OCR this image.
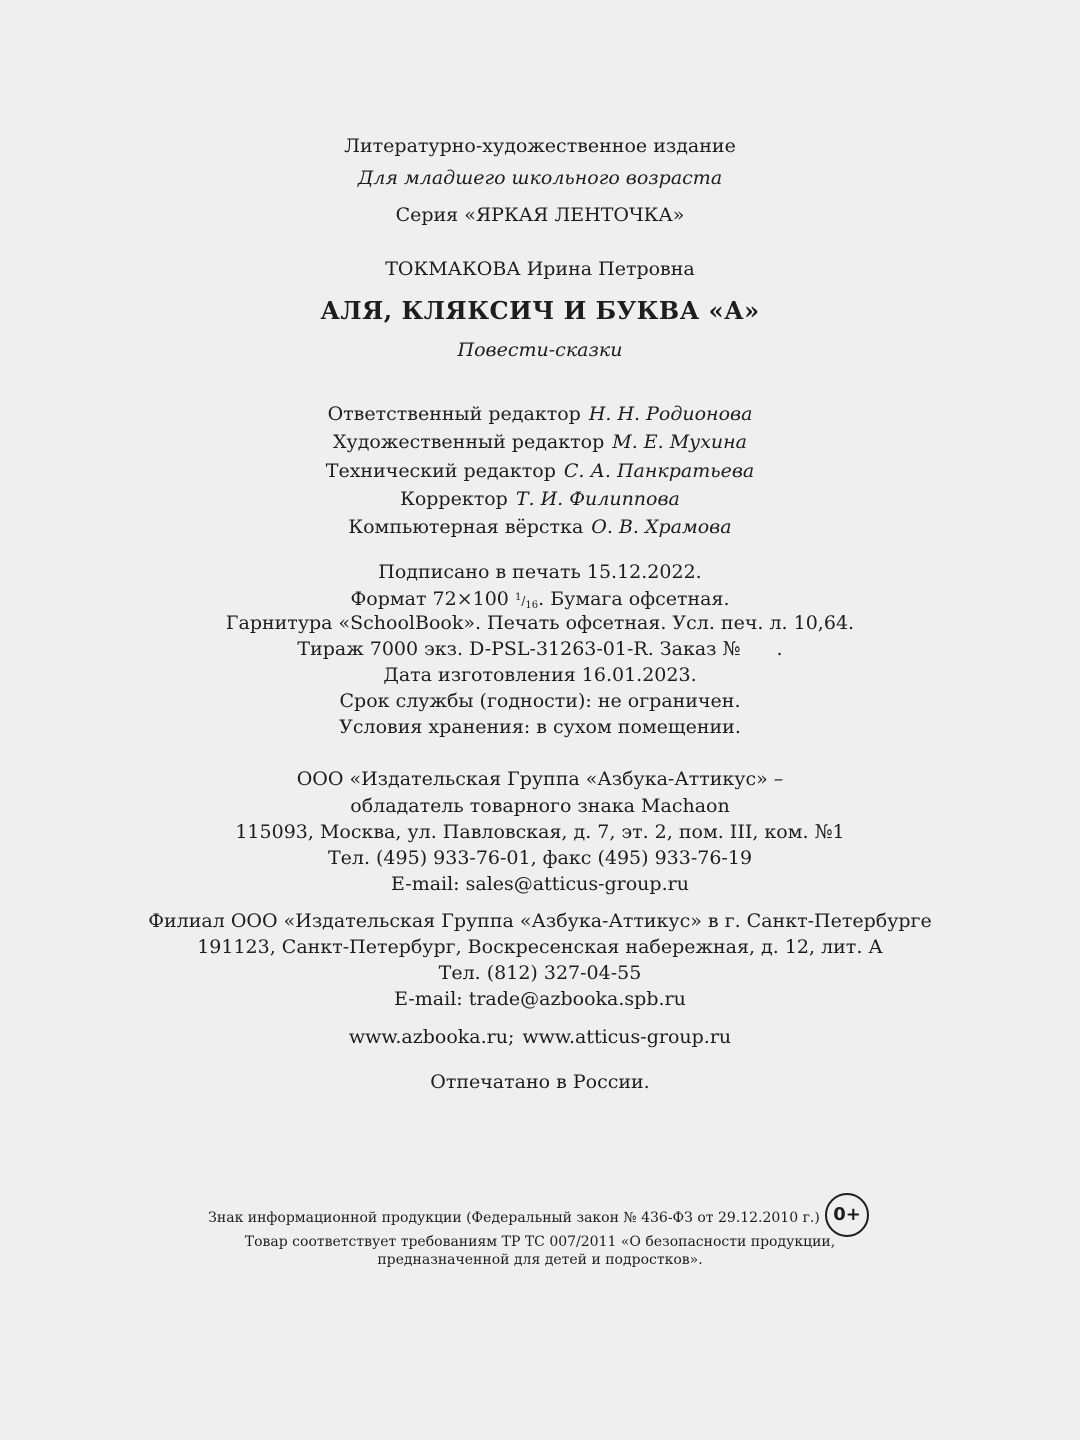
Литературно-художественное издание

Для младшего школьного возраста

Серия «ЯРКАЯ ЛЕНТОЧКА»

ТОКМАКОВА Ирина Петровна

АЛЯ, КЛЯКСИЧ И БУКВА «А»

Повести-сказки

Ответственный редактор Н. Н. Родионова

Художественный редактор М. Е. Мухина

Технический редактор С. А. Панкратьева

Корректор Т. И. Филиппова

Компьютерная вёрстка О. В. Храмова

Подписано в печать 15.12.2022.

Формат 72×100 $^1/_{16}$. Бумага офсетная.

Гарнитура «SchoolBook». Печать офсетная. Усл. печ. л. 10,64.

Тираж 7000 экз. D-PSL-31263-01-R. Заказ № .

Дата изготовления 16.01.2023.

Срок службы (годности): не ограничен.

Условия хранения: в сухом помещении.

ООО «Издательская Группа «Азбука-Аттикус» –

обладатель товарного знака Machaon

115093, Москва, ул. Павловская, д. 7, эт. 2, пом. III, ком. №1

Тел. (495) 933-76-01, факс (495) 933-76-19

E-mail: sales@atticus-group.ru

Филиал ООО «Издательская Группа «Азбука-Аттикус» в г. Санкт-Петербурге

191123, Санкт-Петербург, Воскресенская набережная, д. 12, лит. А

Тел. (812) 327-04-55

E-mail: trade@azbooka.spb.ru

www.azbooka.ru; www.atticus-group.ru

Отпечатано в России.

Знак информационной продукции (Федеральный закон № 436-ФЗ от 29.12.2010 г.) 0+

Товар соответствует требованиям ТР ТС 007/2011 «О безопасности продукции,

предназначенной для детей и подростков».
